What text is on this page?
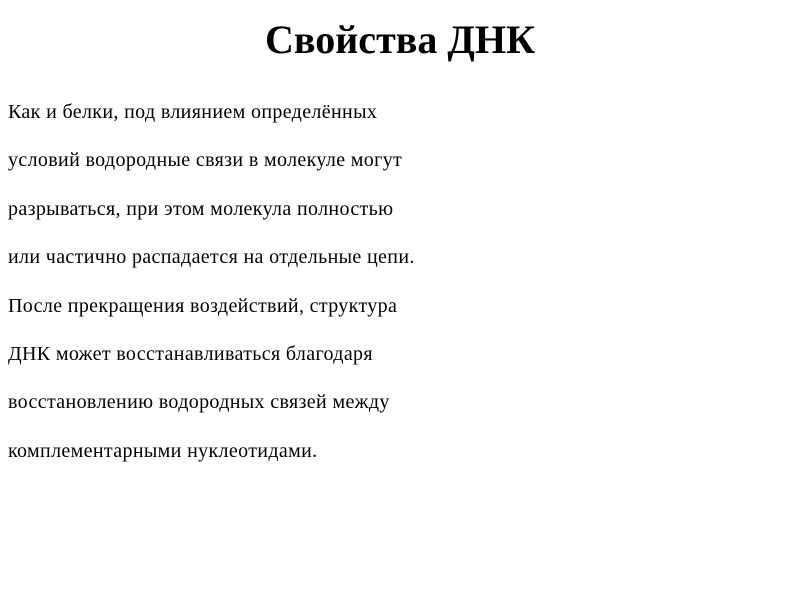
Свойства ДНК
Как и белки, под влиянием определённых
условий водородные связи в молекуле могут
разрываться, при этом молекула полностью
или частично распадается на отдельные цепи.
После прекращения воздействий, структура
ДНК может восстанавливаться благодаря
восстановлению водородных связей между
комплементарными нуклеотидами.
